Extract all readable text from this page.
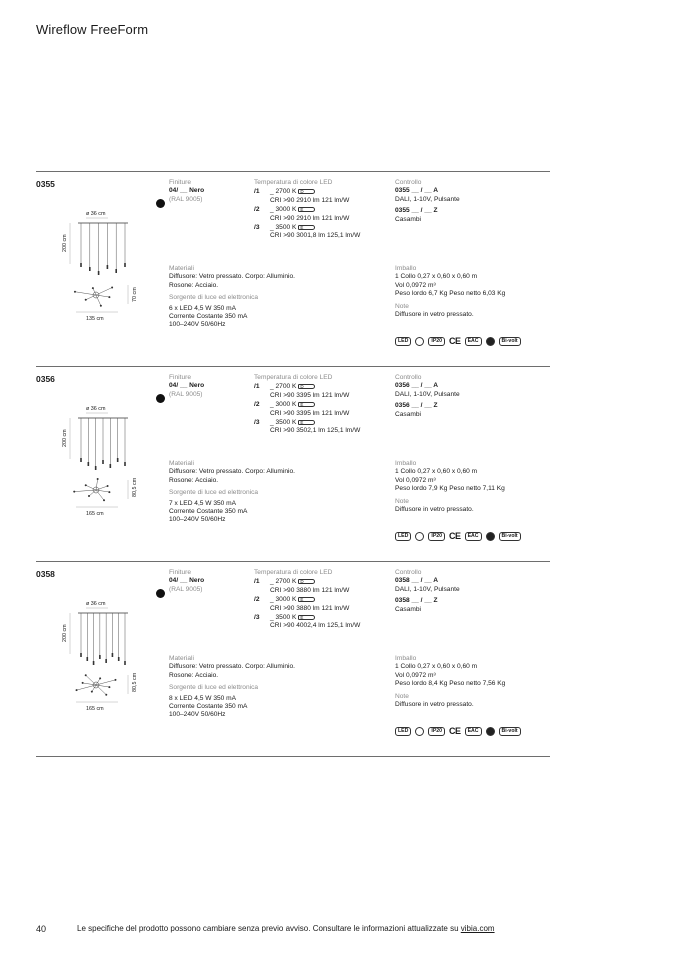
Wireflow FreeForm
0355
ø 36 cm
200 cm
70 cm
135 cm
Finiture
04/ __ Nero
(RAL 9005)
Temperatura di colore LED
/1 _ 2700 K D
CRI >90 2910 lm 121 lm/W
/2 _ 3000 K E
CRI >90 2910 lm 121 lm/W
/3 _ 3500 K E
CRI >90 3001,8 lm 125,1 lm/W
Controllo
0355 __ / __ A
DALI, 1-10V, Pulsante
0355 __ / __ Z
Casambi
Materiali
Diffusore: Vetro pressato. Corpo: Alluminio.
Rosone: Acciaio.
Sorgente di luce ed elettronica
6 x LED 4,5 W 350 mA
Corrente Costante 350 mA
100–240V 50/60Hz
Imballo
1 Collo 0,27 x 0,60 x 0,60 m
Vol 0,0972 m³
Peso lordo 6,7 Kg Peso netto 6,03 Kg
Note
Diffusore in vetro pressato.
LED	IP20 CE	EAC	Bi-volt
0356
ø 36 cm
200 cm
80,5 cm
165 cm
Finiture
04/ __ Nero
(RAL 9005)
Temperatura di colore LED
/1 _ 2700 K D
CRI >90 3395 lm 121 lm/W
/2 _ 3000 K E
CRI >90 3395 lm 121 lm/W
/3 _ 3500 K E
CRI >90 3502,1 lm 125,1 lm/W
Controllo
0356 __ / __ A
DALI, 1-10V, Pulsante
0356 __ / __ Z
Casambi
Materiali
Diffusore: Vetro pressato. Corpo: Alluminio.
Rosone: Acciaio.
Sorgente di luce ed elettronica
7 x LED 4,5 W 350 mA
Corrente Costante 350 mA
100–240V 50/60Hz
Imballo
1 Collo 0,27 x 0,60 x 0,60 m
Vol 0,0972 m³
Peso lordo 7,9 Kg Peso netto 7,11 Kg
Note
Diffusore in vetro pressato.
LED	IP20 CE	EAC	Bi-volt
0358
ø 36 cm
200 cm
80,5 cm
165 cm
Finiture
04/ __ Nero
(RAL 9005)
Temperatura di colore LED
/1 _ 2700 K D
CRI >90 3880 lm 121 lm/W
/2 _ 3000 K E
CRI >90 3880 lm 121 lm/W
/3 _ 3500 K E
CRI >90 4002,4 lm 125,1 lm/W
Controllo
0358 __ / __ A
DALI, 1-10V, Pulsante
0358 __ / __ Z
Casambi
Materiali
Diffusore: Vetro pressato. Corpo: Alluminio.
Rosone: Acciaio.
Sorgente di luce ed elettronica
8 x LED 4,5 W 350 mA
Corrente Costante 350 mA
100–240V 50/60Hz
Imballo
1 Collo 0,27 x 0,60 x 0,60 m
Vol 0,0972 m³
Peso lordo 8,4 Kg Peso netto 7,56 Kg
Note
Diffusore in vetro pressato.
LED	IP20 CE	EAC	Bi-volt
40	Le specifiche del prodotto possono cambiare senza previo avviso. Consultare le informazioni attualizzate su vibia.com
